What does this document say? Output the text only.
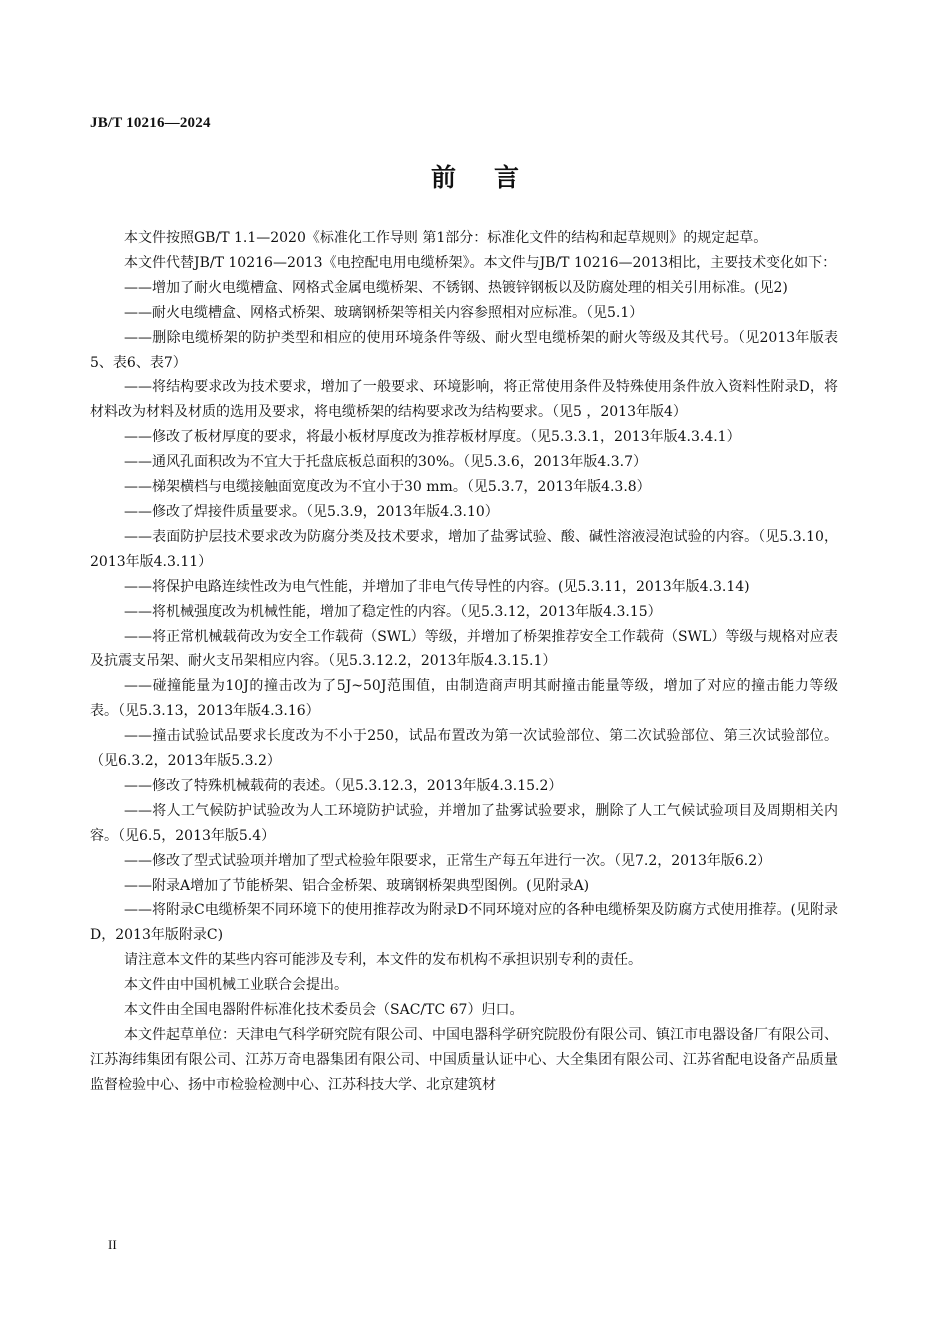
JB/T 10216—2024
前言

本文件按照GB/T 1.1—2020《标准化工作导则 第1部分：标准化文件的结构和起草规则》的规定起草。

本文件代替JB/T 10216—2013《电控配电用电缆桥架》。本文件与JB/T 10216—2013相比，主要技术变化如下：

——增加了耐火电缆槽盒、网格式金属电缆桥架、不锈钢、热镀锌钢板以及防腐处理的相关引用标准。(见2)

——耐火电缆槽盒、网格式桥架、玻璃钢桥架等相关内容参照相对应标准。（见5.1）

——删除电缆桥架的防护类型和相应的使用环境条件等级、耐火型电缆桥架的耐火等级及其代号。（见2013年版表5、表6、表7）

——将结构要求改为技术要求，增加了一般要求、环境影响，将正常使用条件及特殊使用条件放入资料性附录D，将材料改为材料及材质的选用及要求，将电缆桥架的结构要求改为结构要求。（见5 ，2013年版4）

——修改了板材厚度的要求，将最小板材厚度改为推荐板材厚度。（见5.3.3.1，2013年版4.3.4.1）

——通风孔面积改为不宜大于托盘底板总面积的30%。（见5.3.6，2013年版4.3.7）

——梯架横档与电缆接触面宽度改为不宜小于30 mm。（见5.3.7，2013年版4.3.8）

——修改了焊接件质量要求。（见5.3.9，2013年版4.3.10）

——表面防护层技术要求改为防腐分类及技术要求，增加了盐雾试验、酸、碱性溶液浸泡试验的内容。（见5.3.10，2013年版4.3.11）

——将保护电路连续性改为电气性能，并增加了非电气传导性的内容。(见5.3.11，2013年版4.3.14)

——将机械强度改为机械性能，增加了稳定性的内容。（见5.3.12，2013年版4.3.15）

——将正常机械载荷改为安全工作载荷（SWL）等级，并增加了桥架推荐安全工作载荷（SWL）等级与规格对应表及抗震支吊架、耐火支吊架相应内容。（见5.3.12.2，2013年版4.3.15.1）

——碰撞能量为10J的撞击改为了5J~50J范围值，由制造商声明其耐撞击能量等级，增加了对应的撞击能力等级表。（见5.3.13，2013年版4.3.16）

——撞击试验试品要求长度改为不小于250，试品布置改为第一次试验部位、第二次试验部位、第三次试验部位。（见6.3.2，2013年版5.3.2）

——修改了特殊机械载荷的表述。（见5.3.12.3，2013年版4.3.15.2）

——将人工气候防护试验改为人工环境防护试验，并增加了盐雾试验要求，删除了人工气候试验项目及周期相关内容。（见6.5，2013年版5.4）

——修改了型式试验项并增加了型式检验年限要求，正常生产每五年进行一次。（见7.2，2013年版6.2）

——附录A增加了节能桥架、铝合金桥架、玻璃钢桥架典型图例。(见附录A)

——将附录C电缆桥架不同环境下的使用推荐改为附录D不同环境对应的各种电缆桥架及防腐方式使用推荐。(见附录D，2013年版附录C)

请注意本文件的某些内容可能涉及专利，本文件的发布机构不承担识别专利的责任。

本文件由中国机械工业联合会提出。

本文件由全国电器附件标准化技术委员会（SAC/TC 67）归口。

本文件起草单位：天津电气科学研究院有限公司、中国电器科学研究院股份有限公司、镇江市电器设备厂有限公司、江苏海纬集团有限公司、江苏万奇电器集团有限公司、中国质量认证中心、大全集团有限公司、江苏省配电设备产品质量监督检验中心、扬中市检验检测中心、江苏科技大学、北京建筑材

II
